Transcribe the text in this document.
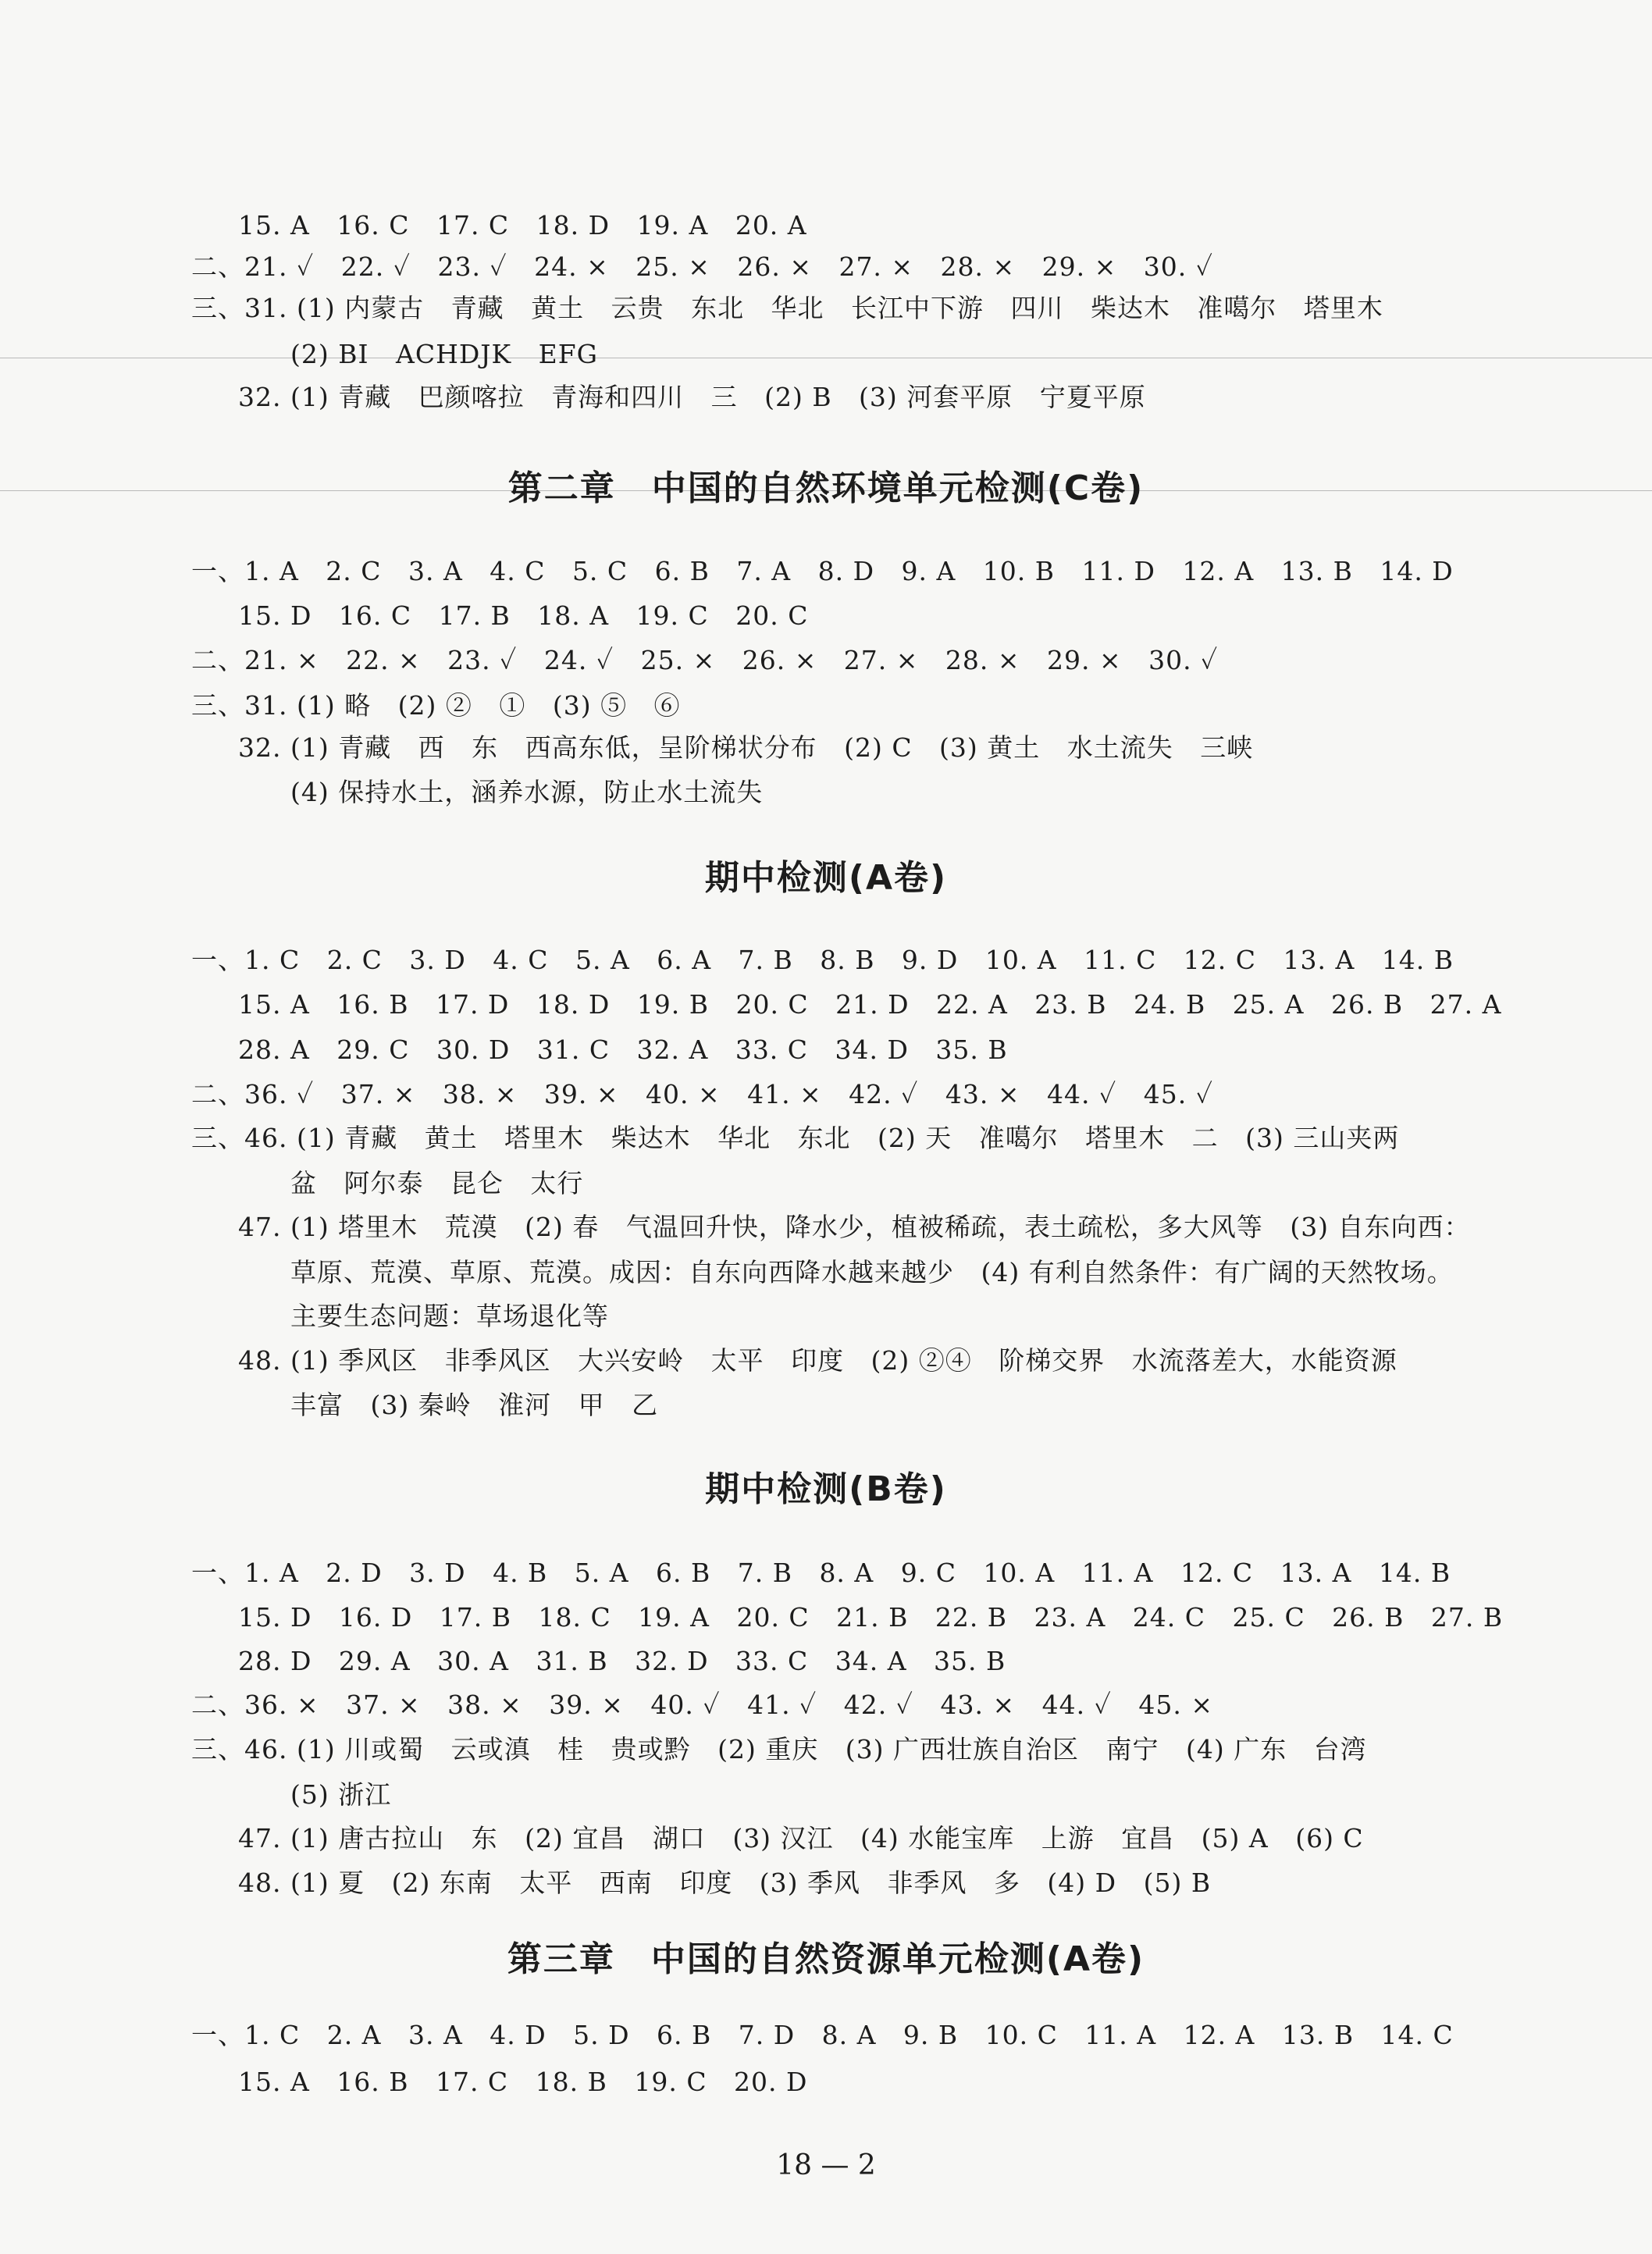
15. A   16. C   17. C   18. D   19. A   20. A
二、21. ✓   22. ✓   23. ✓   24. ×   25. ×   26. ×   27. ×   28. ×   29. ×   30. ✓
三、31. (1) 内蒙古   青藏   黄土   云贵   东北   华北   长江中下游   四川   柴达木   准噶尔   塔里木
(2) BI   ACHDJK   EFG
32. (1) 青藏   巴颜喀拉   青海和四川   三   (2) B   (3) 河套平原   宁夏平原
第二章　中国的自然环境单元检测(C卷)
一、1. A   2. C   3. A   4. C   5. C   6. B   7. A   8. D   9. A   10. B   11. D   12. A   13. B   14. D
15. D   16. C   17. B   18. A   19. C   20. C
二、21. ×   22. ×   23. ✓   24. ✓   25. ×   26. ×   27. ×   28. ×   29. ×   30. ✓
三、31. (1) 略   (2) ②   ①   (3) ⑤   ⑥
32. (1) 青藏   西   东   西高东低，呈阶梯状分布   (2) C   (3) 黄土   水土流失   三峡
(4) 保持水土，涵养水源，防止水土流失
期中检测(A卷)
一、1. C   2. C   3. D   4. C   5. A   6. A   7. B   8. B   9. D   10. A   11. C   12. C   13. A   14. B
15. A   16. B   17. D   18. D   19. B   20. C   21. D   22. A   23. B   24. B   25. A   26. B   27. A
28. A   29. C   30. D   31. C   32. A   33. C   34. D   35. B
二、36. ✓   37. ×   38. ×   39. ×   40. ×   41. ×   42. ✓   43. ×   44. ✓   45. ✓
三、46. (1) 青藏   黄土   塔里木   柴达木   华北   东北   (2) 天   准噶尔   塔里木   二   (3) 三山夹两
盆   阿尔泰   昆仑   太行
47. (1) 塔里木   荒漠   (2) 春   气温回升快，降水少，植被稀疏，表土疏松，多大风等   (3) 自东向西：
草原、荒漠、草原、荒漠。成因：自东向西降水越来越少   (4) 有利自然条件：有广阔的天然牧场。
主要生态问题：草场退化等
48. (1) 季风区   非季风区   大兴安岭   太平   印度   (2) ②④   阶梯交界   水流落差大，水能资源
丰富   (3) 秦岭   淮河   甲   乙
期中检测(B卷)
一、1. A   2. D   3. D   4. B   5. A   6. B   7. B   8. A   9. C   10. A   11. A   12. C   13. A   14. B
15. D   16. D   17. B   18. C   19. A   20. C   21. B   22. B   23. A   24. C   25. C   26. B   27. B
28. D   29. A   30. A   31. B   32. D   33. C   34. A   35. B
二、36. ×   37. ×   38. ×   39. ×   40. ✓   41. ✓   42. ✓   43. ×   44. ✓   45. ×
三、46. (1) 川或蜀   云或滇   桂   贵或黔   (2) 重庆   (3) 广西壮族自治区   南宁   (4) 广东   台湾
(5) 浙江
47. (1) 唐古拉山   东   (2) 宜昌   湖口   (3) 汉江   (4) 水能宝库   上游   宜昌   (5) A   (6) C
48. (1) 夏   (2) 东南   太平   西南   印度   (3) 季风   非季风   多   (4) D   (5) B
第三章　中国的自然资源单元检测(A卷)
一、1. C   2. A   3. A   4. D   5. D   6. B   7. D   8. A   9. B   10. C   11. A   12. A   13. B   14. C
15. A   16. B   17. C   18. B   19. C   20. D
18 — 2
